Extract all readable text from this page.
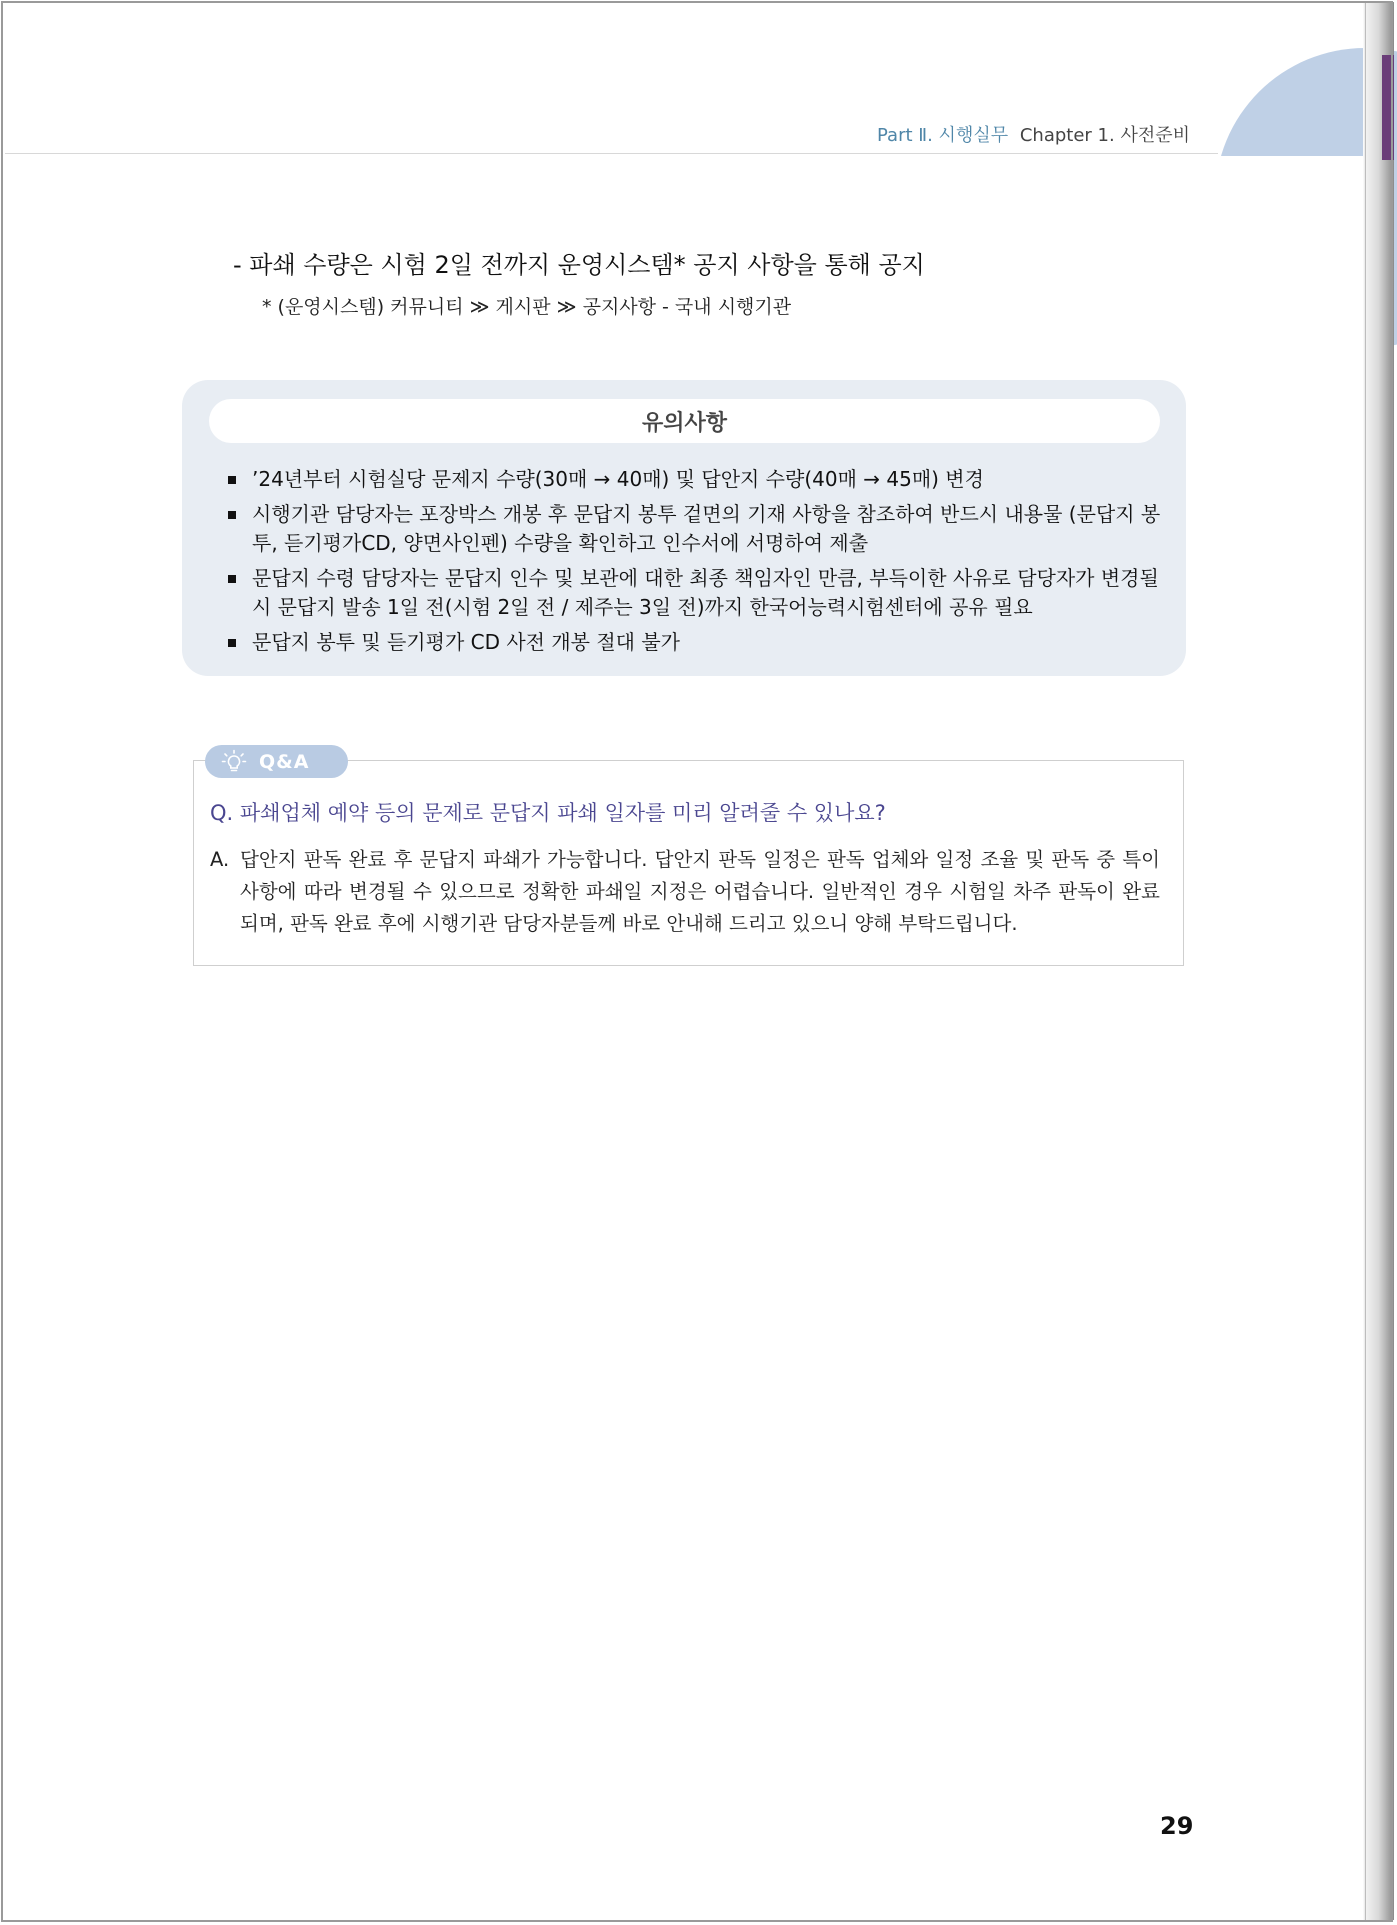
Part Ⅱ. 시행실무 Chapter 1. 사전준비
- 파쇄 수량은 시험 2일 전까지 운영시스템* 공지 사항을 통해 공지
* (운영시스템) 커뮤니티 ≫ 게시판 ≫ 공지사항 - 국내 시행기관
유의사항
’24년부터 시험실당 문제지 수량(30매 → 40매) 및 답안지 수량(40매 → 45매) 변경
시행기관 담당자는 포장박스 개봉 후 문답지 봉투 겉면의 기재 사항을 참조하여 반드시 내용물 (문답지 봉투, 듣기평가CD, 양면사인펜) 수량을 확인하고 인수서에 서명하여 제출
문답지 수령 담당자는 문답지 인수 및 보관에 대한 최종 책임자인 만큼, 부득이한 사유로 담당자가 변경될 시 문답지 발송 1일 전(시험 2일 전 / 제주는 3일 전)까지 한국어능력시험센터에 공유 필요
문답지 봉투 및 듣기평가 CD 사전 개봉 절대 불가
Q&A
Q. 파쇄업체 예약 등의 문제로 문답지 파쇄 일자를 미리 알려줄 수 있나요?
A. 답안지 판독 완료 후 문답지 파쇄가 가능합니다. 답안지 판독 일정은 판독 업체와 일정 조율 및 판독 중 특이사항에 따라 변경될 수 있으므로 정확한 파쇄일 지정은 어렵습니다. 일반적인 경우 시험일 차주 판독이 완료되며, 판독 완료 후에 시행기관 담당자분들께 바로 안내해 드리고 있으니 양해 부탁드립니다.
29
